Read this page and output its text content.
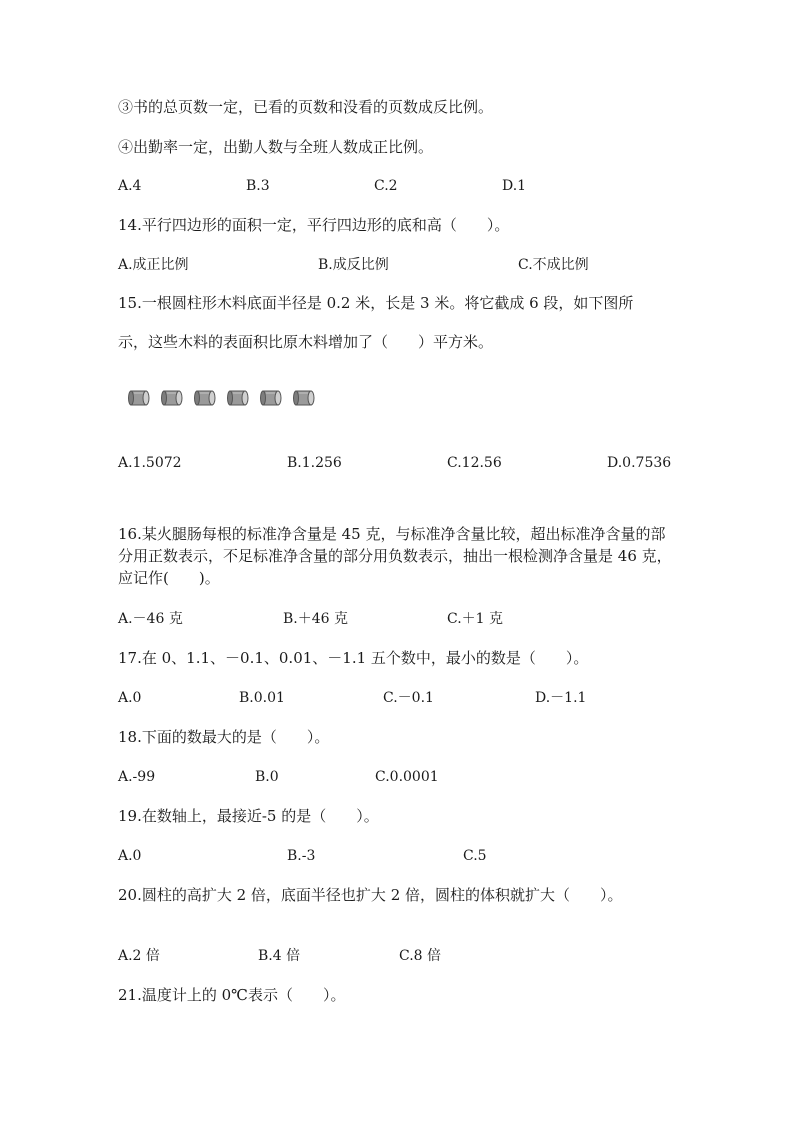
③书的总页数一定，已看的页数和没看的页数成反比例。
④出勤率一定，出勤人数与全班人数成正比例。
A.4	B.3	C.2	D.1
14.平行四边形的面积一定，平行四边形的底和高（　　）。
A.成正比例	B.成反比例	C.不成比例
15.一根圆柱形木料底面半径是 0.2 米，长是 3 米。将它截成 6 段，如下图所
示，这些木料的表面积比原木料增加了（　　）平方米。
A.1.5072	B.1.256	C.12.56	D.0.7536
16.某火腿肠每根的标准净含量是 45 克，与标准净含量比较，超出标准净含量的部分用正数表示，不足标准净含量的部分用负数表示，抽出一根检测净含量是 46 克，应记作(　　)。
A.－46 克	B.＋46 克	C.＋1 克
17.在 0、1.1、－0.1、0.01、－1.1 五个数中，最小的数是（　　）。
A.0	B.0.01	C.－0.1	D.－1.1
18.下面的数最大的是（　　）。
A.-99	B.0	C.0.0001
19.在数轴上，最接近-5 的是（　　）。
A.0	B.-3	C.5
20.圆柱的高扩大 2 倍，底面半径也扩大 2 倍，圆柱的体积就扩大（　　）。
A.2 倍	B.4 倍	C.8 倍
21.温度计上的 0℃表示（　　）。
